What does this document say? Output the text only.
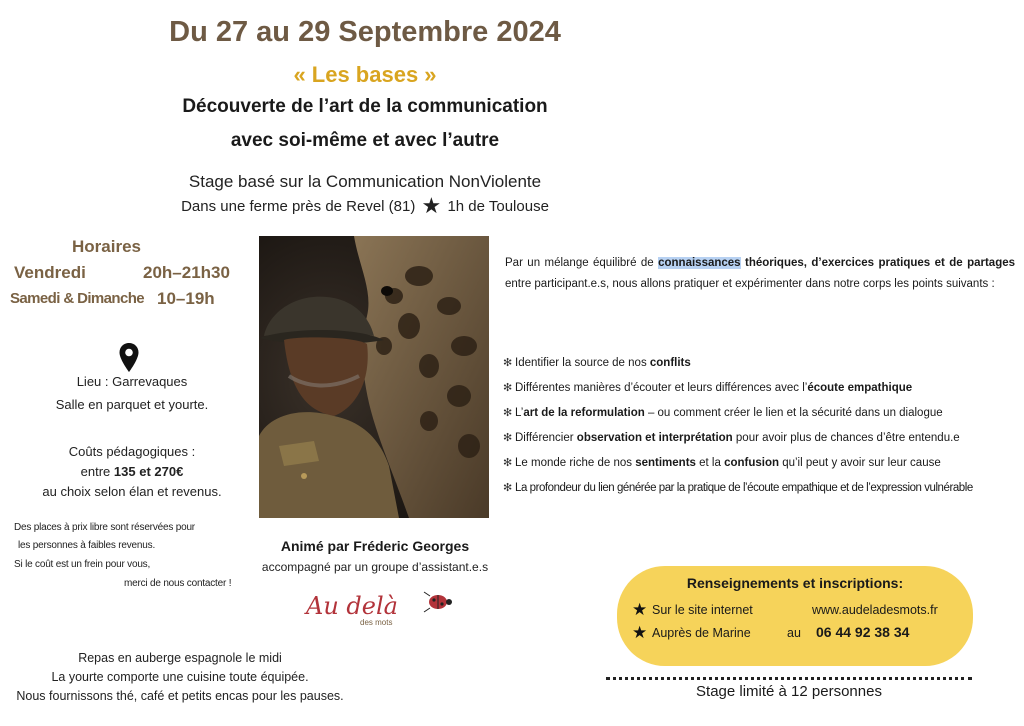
Du 27 au 29 Septembre 2024
« Les bases »
Découverte de l’art de la communication
avec soi-même et avec l’autre
Stage basé sur la Communication NonViolente
Dans une ferme près de Revel (81) ★ 1h de Toulouse
Horaires
Vendredi	20h–21h30
Samedi & Dimanche 10–19h
Lieu : Garrevaques
Salle en parquet et yourte.
Coûts pédagogiques :
entre 135 et 270€
au choix selon élan et revenus.
Des places à prix libre sont réservées pour
les personnes à faibles revenus.
Si le coût est un frein pour vous,
merci de nous contacter !
Repas en auberge espagnole le midi
La yourte comporte une cuisine toute équipée.
Nous fournissons thé, café et petits encas pour les pauses.
Animé par Fréderic Georges
accompagné par un groupe d’assistant.e.s
Au delà
des mots
Par un mélange équilibré de connaissances théoriques, d’exercices pratiques et de partages entre participant.e.s, nous allons pratiquer et expérimenter dans notre corps les points suivants :
✻ Identifier la source de nos conflits
✻ Différentes manières d’écouter et leurs différences avec l’écoute empathique
✻ L’art de la reformulation – ou comment créer le lien et la sécurité dans un dialogue
✻ Différencier observation et interprétation pour avoir plus de chances d’être entendu.e
✻ Le monde riche de nos sentiments et la confusion qu’il peut y avoir sur leur cause
✻ La profondeur du lien générée par la pratique de l’écoute empathique et de l’expression vulnérable
Renseignements et inscriptions:
★ Sur le site internet	www.audeladesmots.fr
★ Auprès de Marine	au 06 44 92 38 34
Stage limité à 12 personnes
